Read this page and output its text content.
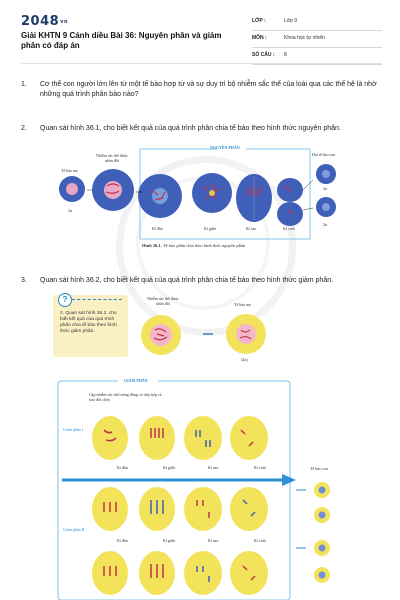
2048vn
Giải KHTN 9 Cánh diều Bài 36: Nguyên phân và giảm phân có đáp án
LỚP :	Lớp 9
MÔN :	Khoa học tự nhiên
SỐ CÂU : 8
1. Cơ thể con người lớn lên từ một tế bào hợp tử và sự duy trì bộ nhiễm sắc thể của loài qua các thế hệ là nhờ những quá trình phân bào nào?
2. Quan sát hình 36.1, cho biết kết quả của quá trình phân chia tế bào theo hình thức nguyên phân.
Tế bào mẹ
Nhiễm sắc thể được nhân đôi
NGUYÊN PHÂN
Hai tế bào con
2n
2n
2n
Kì đầu	Kì giữa	Kì sau	Kì cuối
Hình 36.1. Tế bào phân chia theo hình thức nguyên phân
3. Quan sát hình 36.2, cho biết kết quả của quá trình phân chia tế bào theo hình thức giảm phân.
?
2. Quan sát hình 36.2, cho biết kết quả của quá trình phân chia tế bào theo hình thức giảm phân.
Nhiễm sắc thể được nhân đôi	Tế bào mẹ
(2n)
GIẢM PHÂN
Cặp nhiễm sắc thể tương đồng có tiếp hợp và trao đổi chéo
Giảm phân I
Giảm phân II
Kì đầu	Kì giữa	Kì sau	Kì cuối
Kì đầu	Kì giữa	Kì sau	Kì cuối
Tế bào con
